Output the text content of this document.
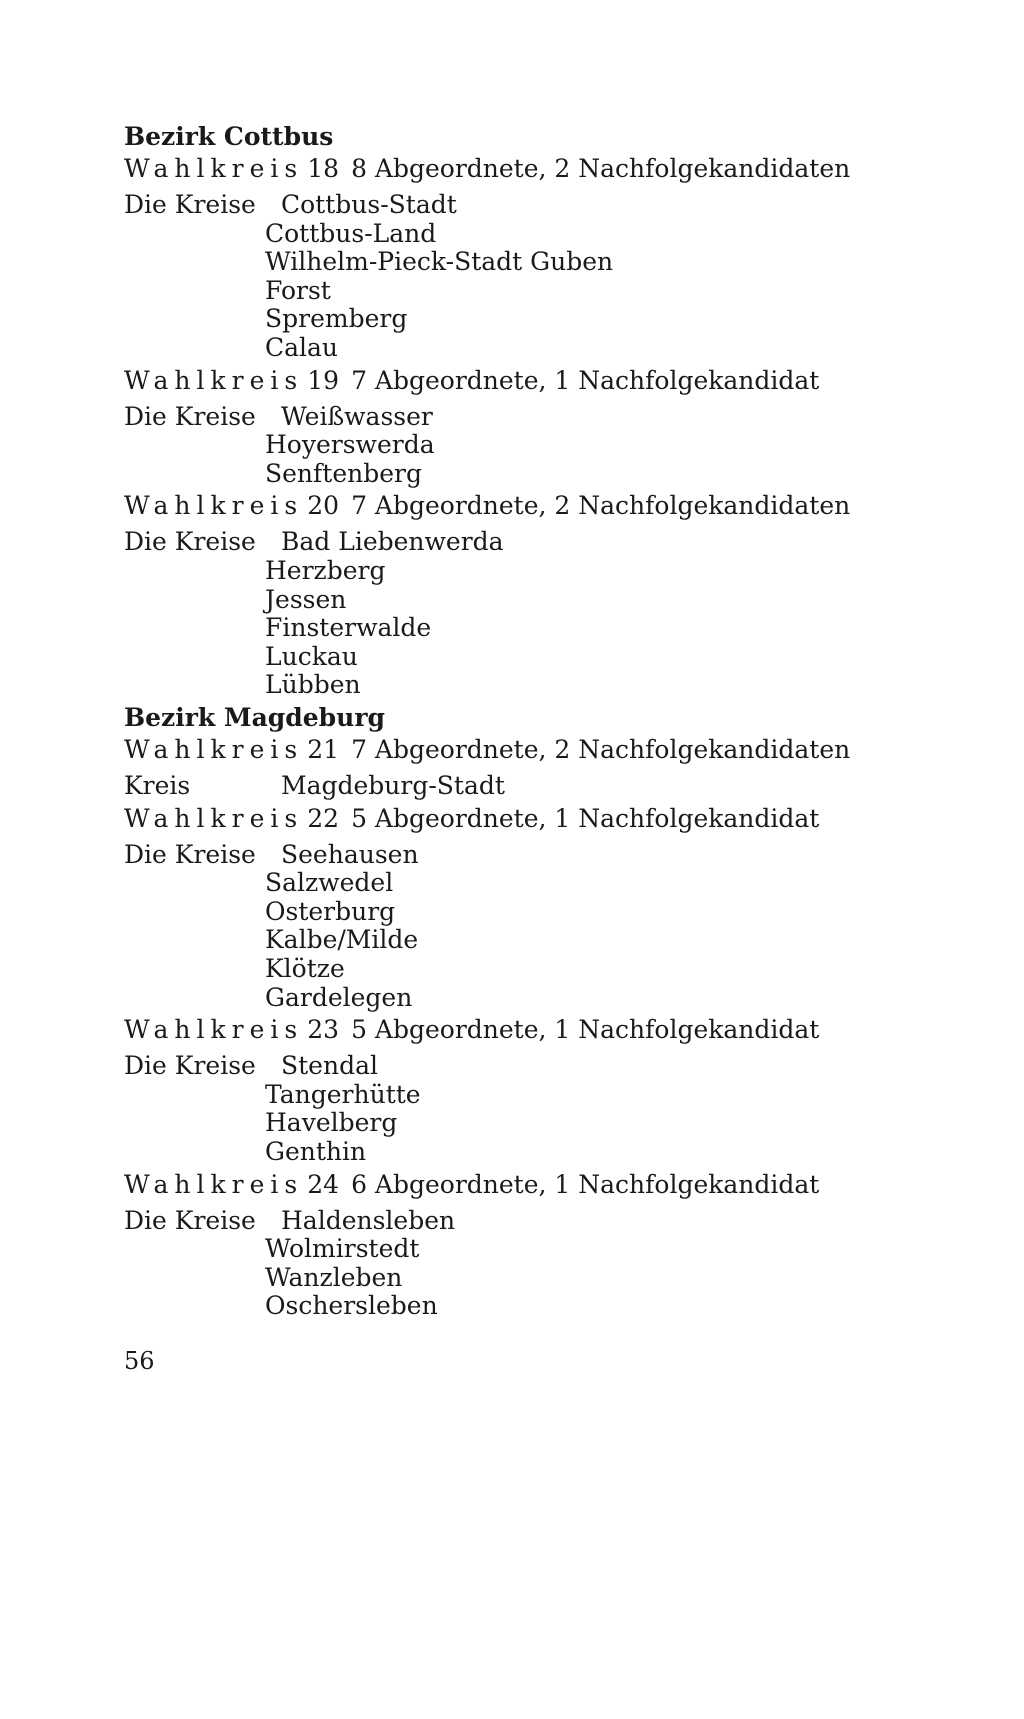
Bezirk Cottbus
Wahlkreis 18 8 Abgeordnete, 2 Nachfolgekandidaten
Die Kreise Cottbus-Stadt
Cottbus-Land
Wilhelm-Pieck-Stadt Guben
Forst
Spremberg
Calau
Wahlkreis 19 7 Abgeordnete, 1 Nachfolgekandidat
Die Kreise Weißwasser
Hoyerswerda
Senftenberg
Wahlkreis 20 7 Abgeordnete, 2 Nachfolgekandidaten
Die Kreise Bad Liebenwerda
Herzberg
Jessen
Finsterwalde
Luckau
Lübben
Bezirk Magdeburg
Wahlkreis 21 7 Abgeordnete, 2 Nachfolgekandidaten
Kreis	Magdeburg-Stadt
Wahlkreis 22 5 Abgeordnete, 1 Nachfolgekandidat
Die Kreise Seehausen
Salzwedel
Osterburg
Kalbe/Milde
Klötze
Gardelegen
Wahlkreis 23 5 Abgeordnete, 1 Nachfolgekandidat
Die Kreise Stendal
Tangerhütte
Havelberg
Genthin
Wahlkreis 24 6 Abgeordnete, 1 Nachfolgekandidat
Die Kreise Haldensleben
Wolmirstedt
Wanzleben
Oschersleben
56
